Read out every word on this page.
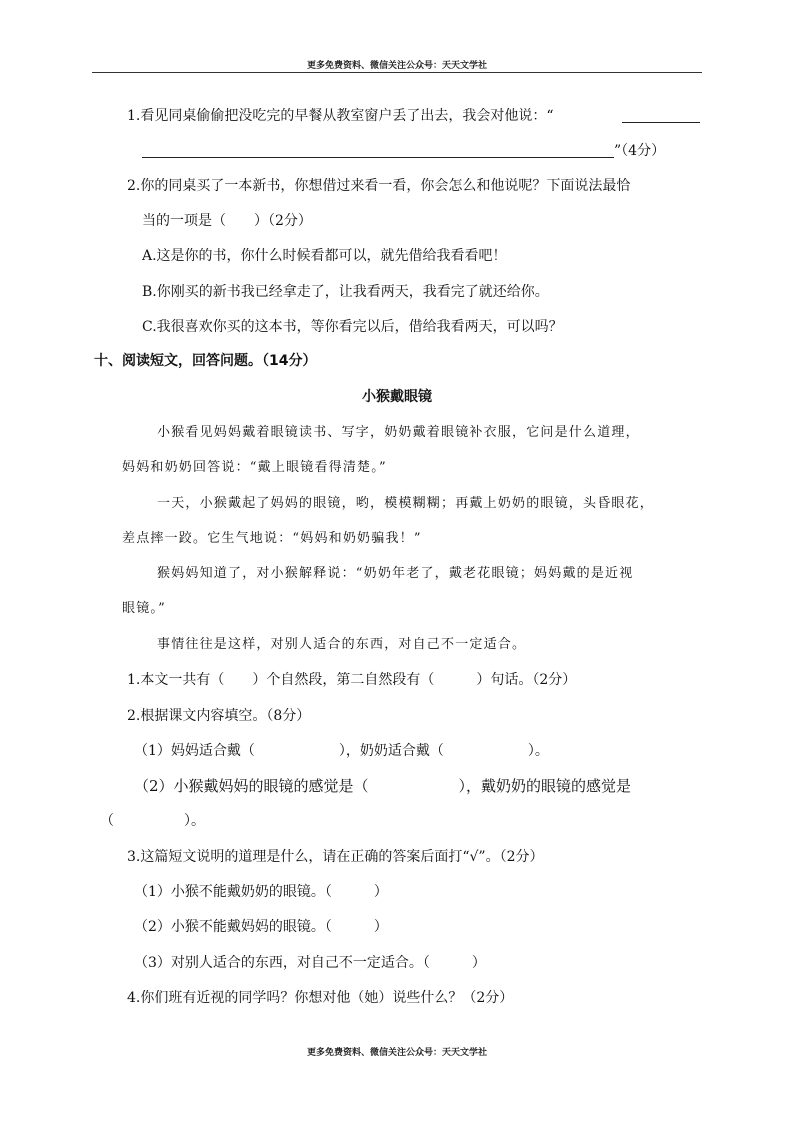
更多免费资料、微信关注公众号：天天文学社
1.看见同桌偷偷把没吃完的早餐从教室窗户丢了出去，我会对他说：“
”（4分）
2.你的同桌买了一本新书，你想借过来看一看，你会怎么和他说呢？下面说法最恰
当的一项是（　　）（2分）
A.这是你的书，你什么时候看都可以，就先借给我看看吧！
B.你刚买的新书我已经拿走了，让我看两天，我看完了就还给你。
C.我很喜欢你买的这本书，等你看完以后，借给我看两天，可以吗？
十、阅读短文，回答问题。（14分）
小猴戴眼镜
小猴看见妈妈戴着眼镜读书、写字，奶奶戴着眼镜补衣服，它问是什么道理，
妈妈和奶奶回答说：“戴上眼镜看得清楚。”
一天，小猴戴起了妈妈的眼镜，哟，模模糊糊；再戴上奶奶的眼镜，头昏眼花，
差点摔一跤。它生气地说：“妈妈和奶奶骗我！”
猴妈妈知道了，对小猴解释说：“奶奶年老了，戴老花眼镜；妈妈戴的是近视
眼镜。”
事情往往是这样，对别人适合的东西，对自己不一定适合。
1.本文一共有（　　）个自然段，第二自然段有（　　　）句话。（2分）
2.根据课文内容填空。（8分）
（1）妈妈适合戴（　　　　　　），奶奶适合戴（　　　　　　）。
（2）小猴戴妈妈的眼镜的感觉是（　　　　　　），戴奶奶的眼镜的感觉是
（　　　　　）。
3.这篇短文说明的道理是什么，请在正确的答案后面打“√”。（2分）
（1）小猴不能戴奶奶的眼镜。（　　　）
（2）小猴不能戴妈妈的眼镜。（　　　）
（3）对别人适合的东西，对自己不一定适合。（　　　）
4.你们班有近视的同学吗？你想对他（她）说些什么？（2分）
更多免费资料、微信关注公众号：天天文学社
